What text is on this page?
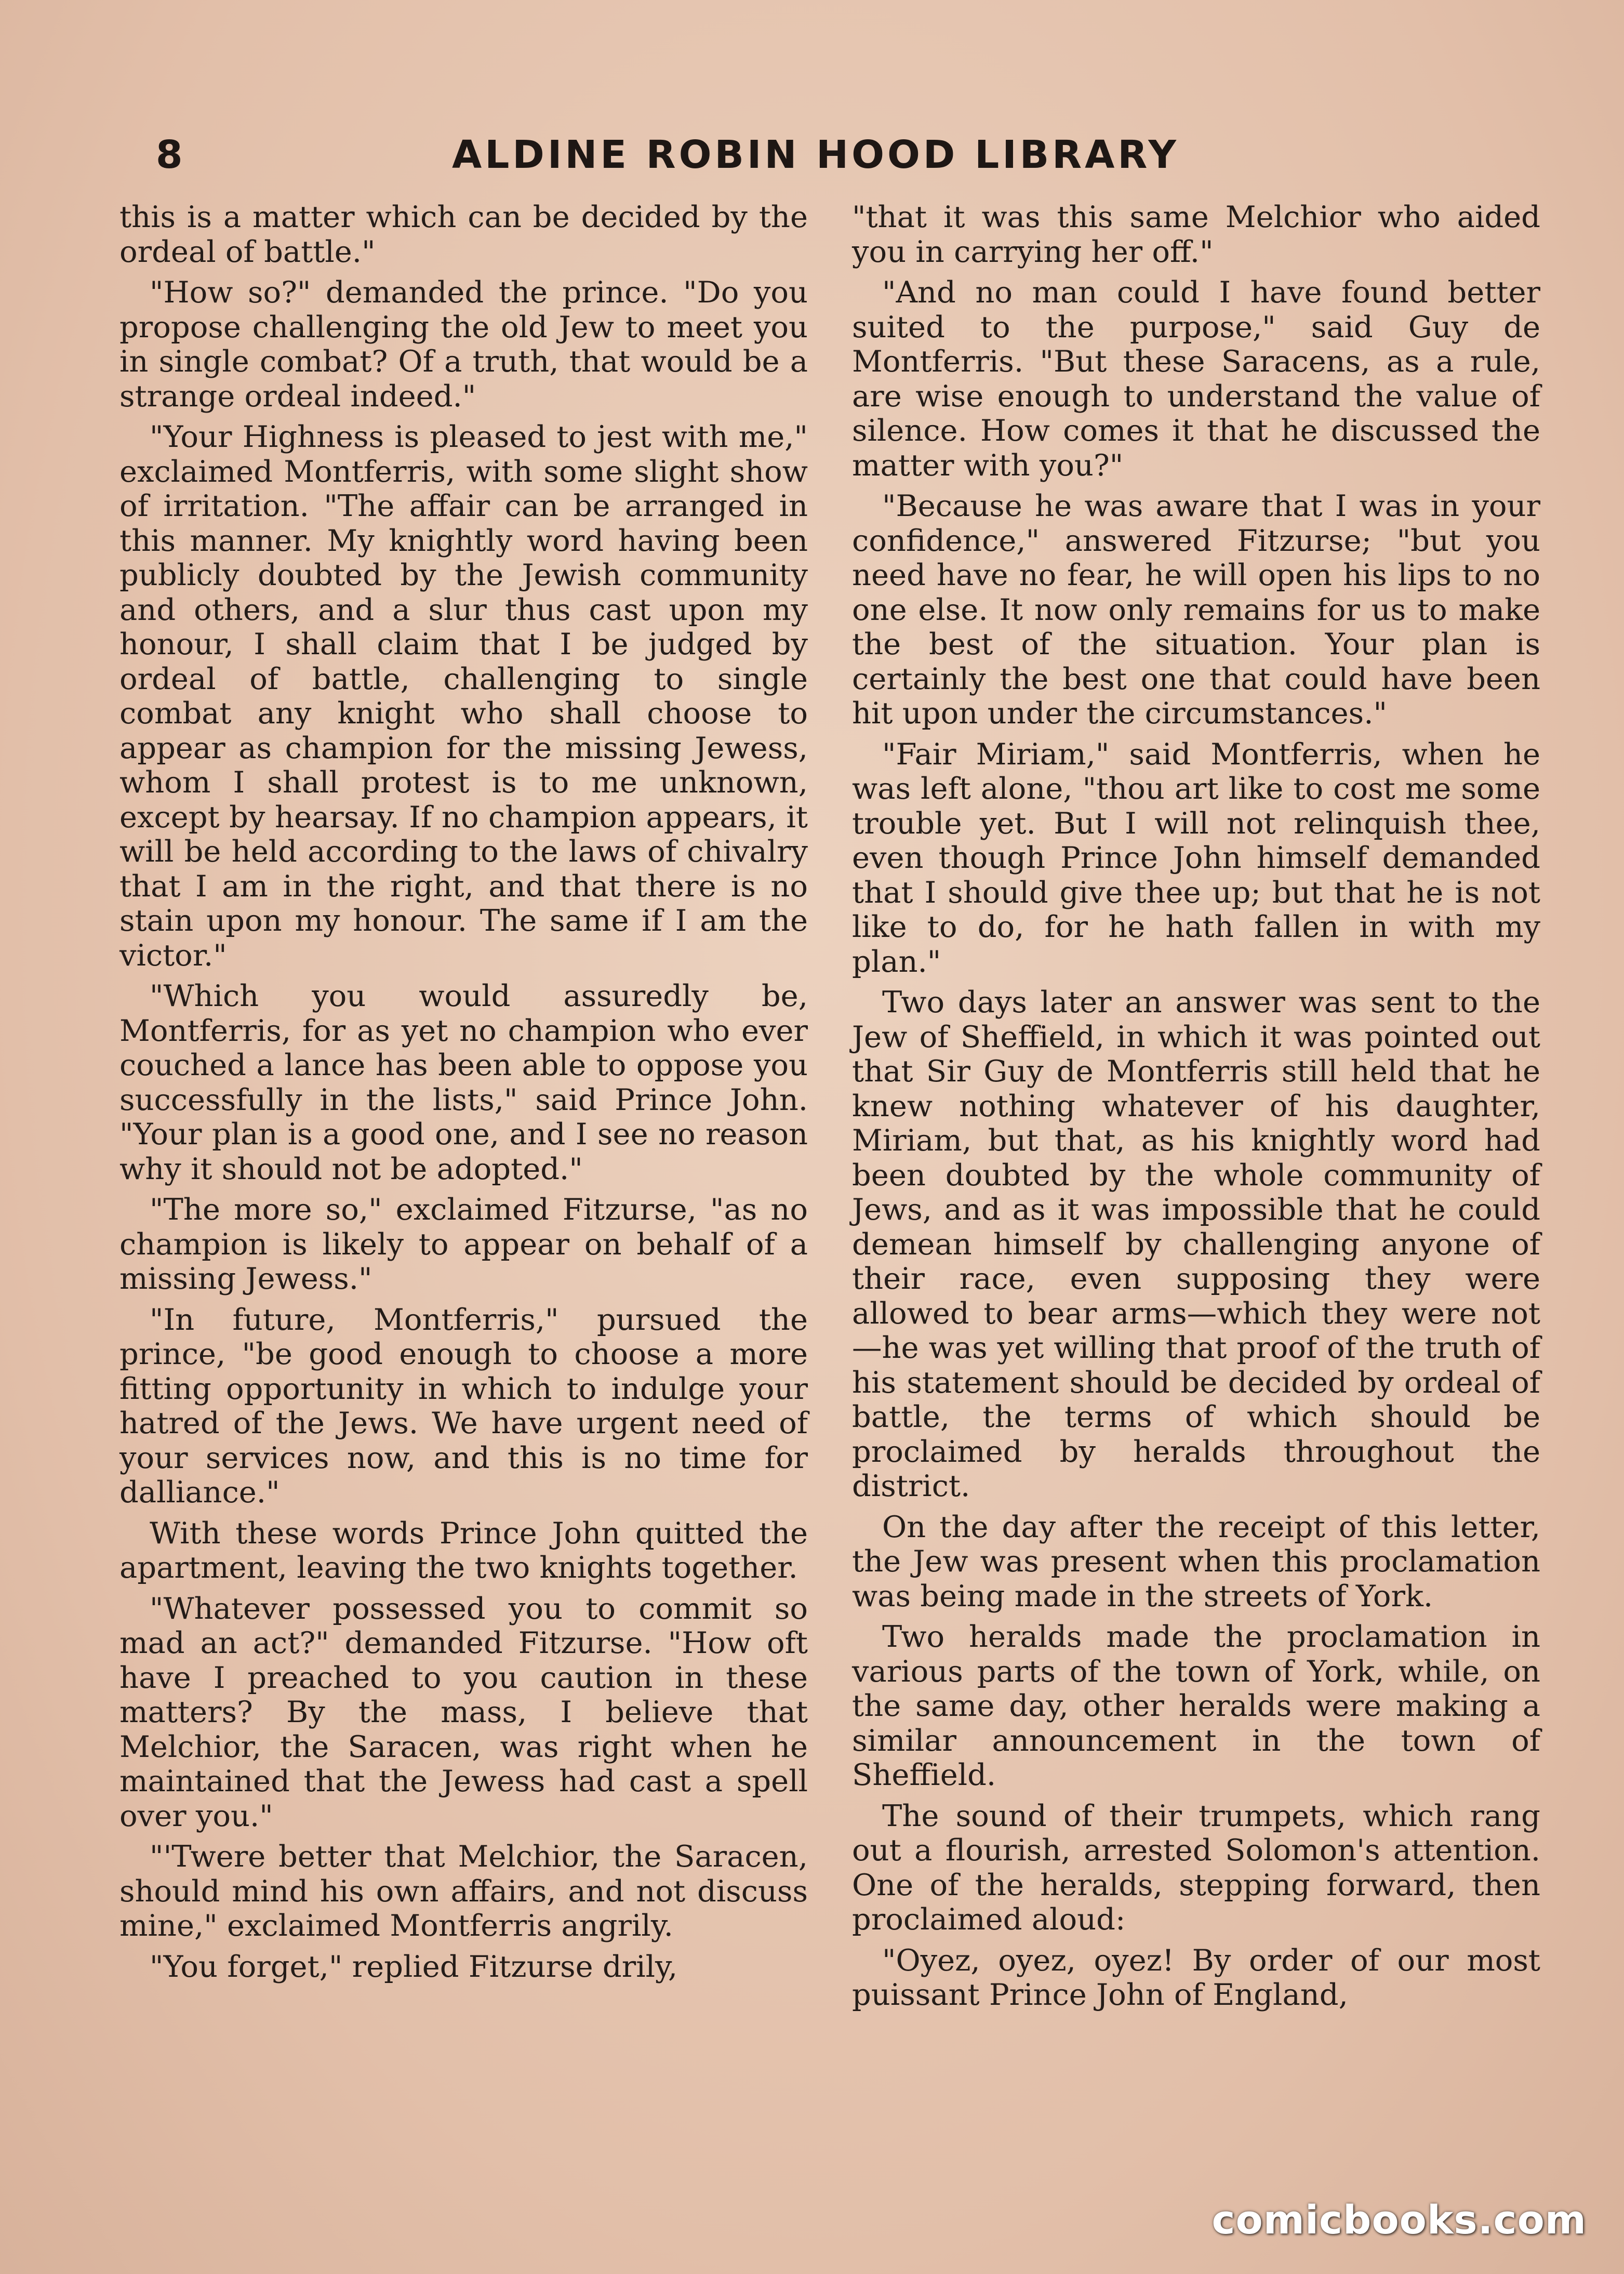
8	ALDINE ROBIN HOOD LIBRARY

this is a matter which can be decided by the ordeal of battle."

"How so?" demanded the prince. "Do you propose challenging the old Jew to meet you in single combat? Of a truth, that would be a strange ordeal indeed."

"Your Highness is pleased to jest with me," exclaimed Montferris, with some slight show of irritation. "The affair can be arranged in this manner. My knightly word having been publicly doubted by the Jewish community and others, and a slur thus cast upon my honour, I shall claim that I be judged by ordeal of battle, challenging to single combat any knight who shall choose to appear as champion for the missing Jewess, whom I shall protest is to me unknown, except by hearsay. If no champion appears, it will be held according to the laws of chivalry that I am in the right, and that there is no stain upon my honour. The same if I am the victor."

"Which you would assuredly be, Montferris, for as yet no champion who ever couched a lance has been able to oppose you successfully in the lists," said Prince John. "Your plan is a good one, and I see no reason why it should not be adopted."

"The more so," exclaimed Fitzurse, "as no champion is likely to appear on behalf of a missing Jewess."

"In future, Montferris," pursued the prince, "be good enough to choose a more fitting opportunity in which to indulge your hatred of the Jews. We have urgent need of your services now, and this is no time for dalliance."

With these words Prince John quitted the apartment, leaving the two knights together.

"Whatever possessed you to commit so mad an act?" demanded Fitzurse. "How oft have I preached to you caution in these matters? By the mass, I believe that Melchior, the Saracen, was right when he maintained that the Jewess had cast a spell over you."

"'Twere better that Melchior, the Saracen, should mind his own affairs, and not discuss mine," exclaimed Montferris angrily.

"You forget," replied Fitzurse drily,

"that it was this same Melchior who aided you in carrying her off."

"And no man could I have found better suited to the purpose," said Guy de Montferris. "But these Saracens, as a rule, are wise enough to understand the value of silence. How comes it that he discussed the matter with you?"

"Because he was aware that I was in your confidence," answered Fitzurse; "but you need have no fear, he will open his lips to no one else. It now only remains for us to make the best of the situation. Your plan is certainly the best one that could have been hit upon under the circumstances."

"Fair Miriam," said Montferris, when he was left alone, "thou art like to cost me some trouble yet. But I will not relinquish thee, even though Prince John himself demanded that I should give thee up; but that he is not like to do, for he hath fallen in with my plan."

Two days later an answer was sent to the Jew of Sheffield, in which it was pointed out that Sir Guy de Montferris still held that he knew nothing whatever of his daughter, Miriam, but that, as his knightly word had been doubted by the whole community of Jews, and as it was impossible that he could demean himself by challenging anyone of their race, even supposing they were allowed to bear arms—which they were not—he was yet willing that proof of the truth of his statement should be decided by ordeal of battle, the terms of which should be proclaimed by heralds throughout the district.

On the day after the receipt of this letter, the Jew was present when this proclamation was being made in the streets of York.

Two heralds made the proclamation in various parts of the town of York, while, on the same day, other heralds were making a similar announcement in the town of Sheffield.

The sound of their trumpets, which rang out a flourish, arrested Solomon's attention. One of the heralds, stepping forward, then proclaimed aloud:

"Oyez, oyez, oyez! By order of our most puissant Prince John of England,

comicbooks.com
